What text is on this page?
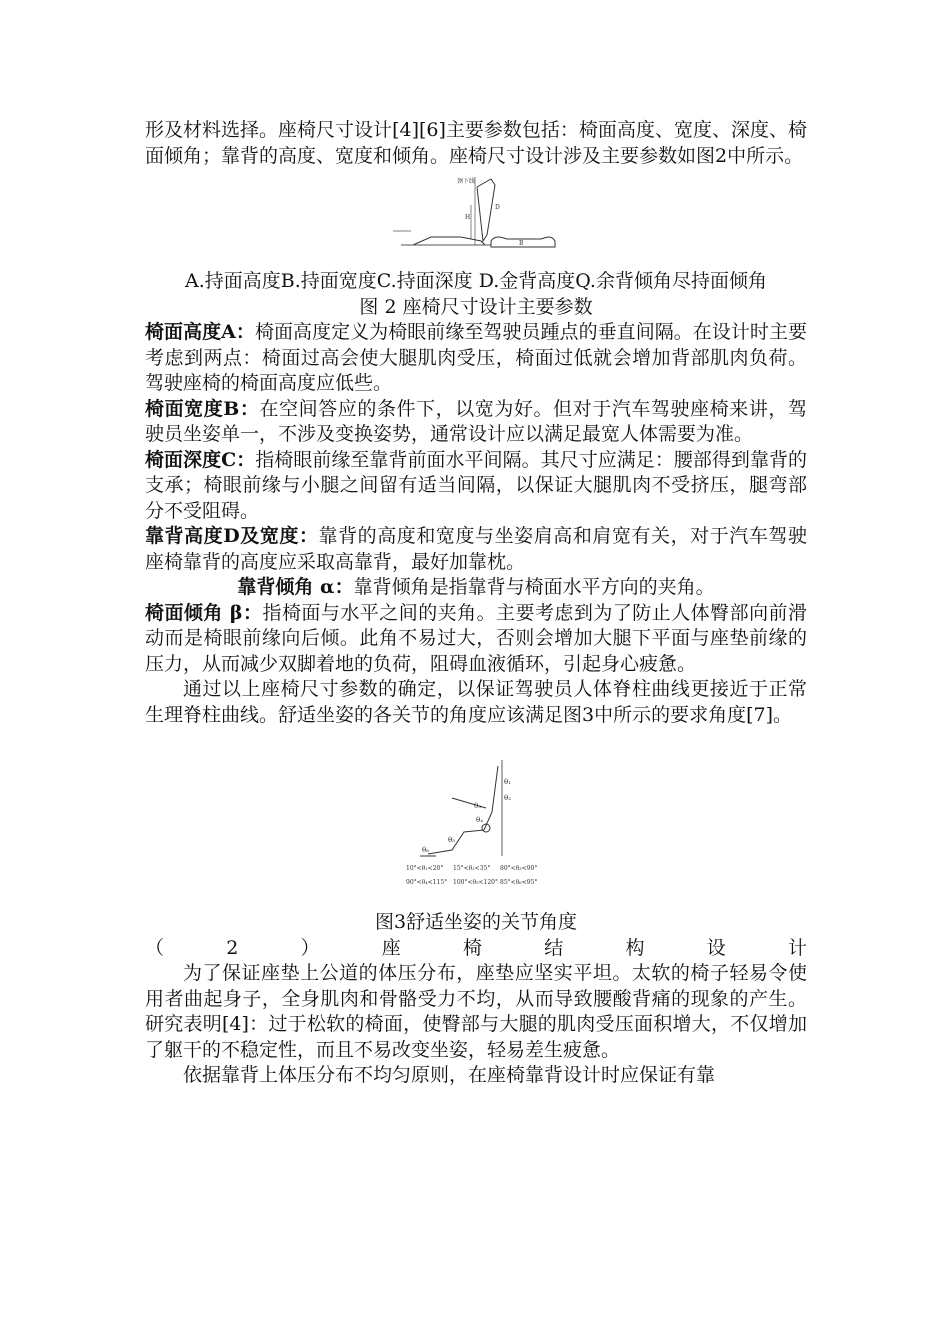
形及材料选择。座椅尺寸设计[4][6]主要参数包括：椅面高度、宽度、深度、椅面倾角；靠背的高度、宽度和倾角。座椅尺寸设计涉及主要参数如图2中所示。

颈下线
H
D
B

A.持面高度B.持面宽度C.持面深度 D.金背高度Q.余背倾角尽持面倾角

图 2 座椅尺寸设计主要参数

椅面高度A：椅面高度定义为椅眼前缘至驾驶员踵点的垂直间隔。在设计时主要考虑到两点：椅面过高会使大腿肌肉受压，椅面过低就会增加背部肌肉负荷。驾驶座椅的椅面高度应低些。

椅面宽度B：在空间答应的条件下，以宽为好。但对于汽车驾驶座椅来讲，驾驶员坐姿单一，不涉及变换姿势，通常设计应以满足最宽人体需要为准。

椅面深度C：指椅眼前缘至靠背前面水平间隔。其尺寸应满足：腰部得到靠背的支承；椅眼前缘与小腿之间留有适当间隔，以保证大腿肌肉不受挤压，腿弯部分不受阻碍。

靠背高度D及宽度：靠背的高度和宽度与坐姿肩高和肩宽有关，对于汽车驾驶座椅靠背的高度应采取高靠背，最好加靠枕。

靠背倾角 α：靠背倾角是指靠背与椅面水平方向的夹角。

椅面倾角 β：指椅面与水平之间的夹角。主要考虑到为了防止人体臀部向前滑动而是椅眼前缘向后倾。此角不易过大，否则会增加大腿下平面与座垫前缘的压力，从而减少双脚着地的负荷，阻碍血液循环，引起身心疲惫。

通过以上座椅尺寸参数的确定，以保证驾驶员人体脊柱曲线更接近于正常生理脊柱曲线。舒适坐姿的各关节的角度应该满足图3中所示的要求角度[7]。

θ₁
θ₂
θ₃
θ₄
θ₅
θ₆
10°<θ₁<20° 15°<θ₂<35° 80°<θ₃<90°
90°<θ₄<115° 100°<θ₅<120° 85°<θ₆<95°

图3舒适坐姿的关节角度

（2）座椅结构设计

为了保证座垫上公道的体压分布，座垫应坚实平坦。太软的椅子轻易令使用者曲起身子，全身肌肉和骨骼受力不均，从而导致腰酸背痛的现象的产生。研究表明[4]：过于松软的椅面，使臀部与大腿的肌肉受压面积增大，不仅增加了躯干的不稳定性，而且不易改变坐姿，轻易差生疲惫。

依据靠背上体压分布不均匀原则，在座椅靠背设计时应保证有靠
